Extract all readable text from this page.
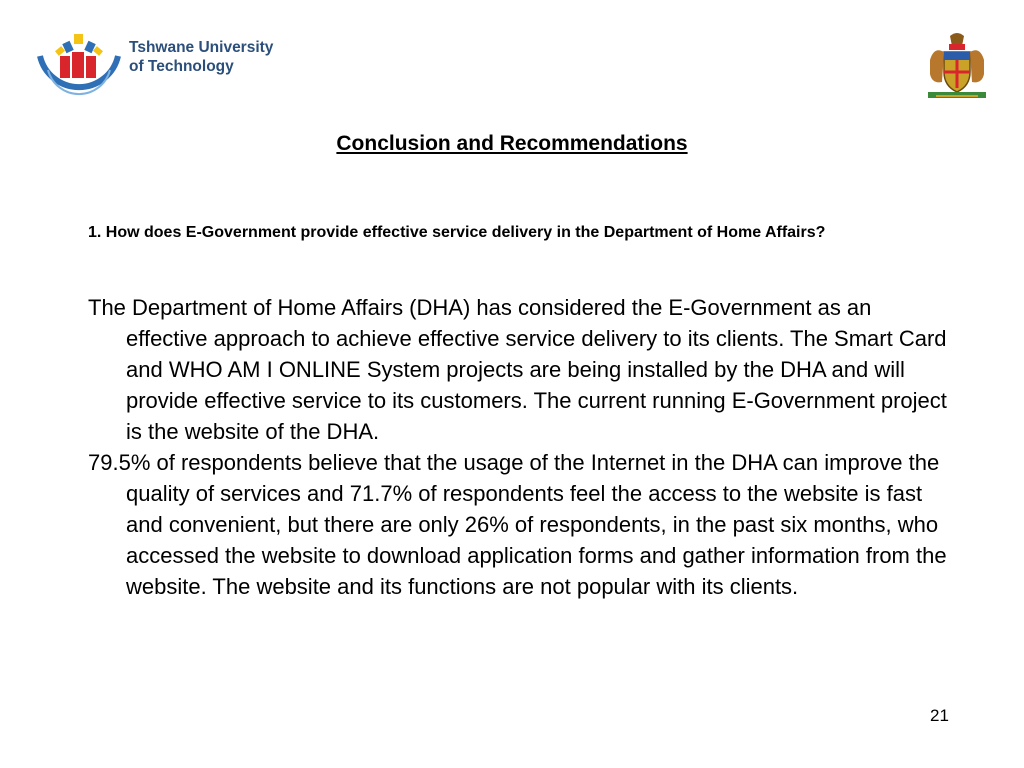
Tshwane University
of Technology
Conclusion and Recommendations

1. How does E-Government provide effective service delivery in the Department of Home Affairs?

The Department of Home Affairs (DHA) has considered the E-Government as an effective approach to achieve effective service delivery to its clients. The Smart Card and WHO AM I ONLINE System projects are being installed by the DHA and will provide effective service to its customers. The current running E-Government project is the website of the DHA.

79.5% of respondents believe that the usage of the Internet in the DHA can improve the quality of services and 71.7% of respondents feel the access to the website is fast and convenient, but there are only 26% of respondents, in the past six months, who accessed the website to download application forms and gather information from the website. The website and its functions are not popular with its clients.

21
